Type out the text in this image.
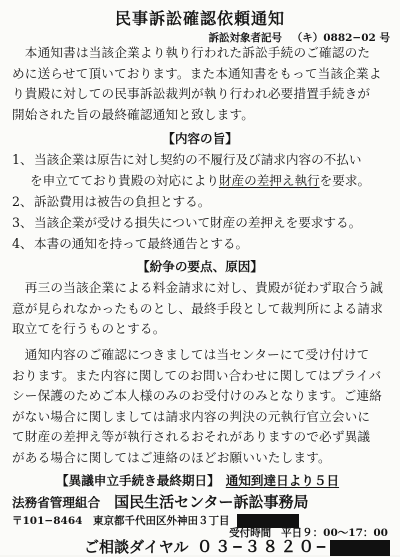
民事訴訟確認依頼通知
訴訟対象者記号 （キ）0882−02 号

　本通知書は当該企業より執り行われた訴訟手続のご確認のた

めに送らせて頂いております。また本通知書をもって当該企業よ

り貴殿に対しての民事訴訟裁判が執り行われ必要措置手続きが

開始された旨の最終確認通知と致します。

【内容の旨】

1、当該企業は原告に対し契約の不履行及び請求内容の不払い

を申立てており貴殿の対応により財産の差押え執行を要求。

2、訴訟費用は被告の負担とする。

3、当該企業が受ける損失について財産の差押えを要求する。

4、本書の通知を持って最終通告とする。

【紛争の要点、原因】

　再三の当該企業による料金請求に対し、貴殿が従わず取合う誠

意が見られなかったものとし、最終手段として裁判所による請求

取立てを行うものとする。

　通知内容のご確認につきましては当センターにて受け付けて

おります。また内容に関してのお問い合わせに関してはプライバ

シー保護のためご本人様のみのお受付けのみとなります。ご連絡

がない場合に関しましては請求内容の判決の元執行官立会いに

て財産の差押え等が執行されるおそれがありますので必ず異議

がある場合に関してはご連絡のほどお願いいたします。

【異議申立手続き最終期日】 通知到達日より５日
法務省管理組合 国民生活センター訴訟事務局
〒101−8464　東京都千代田区外神田３丁目
受付時間 平日９：00〜17：00
ご相談ダイヤル ０３−３８２０−
